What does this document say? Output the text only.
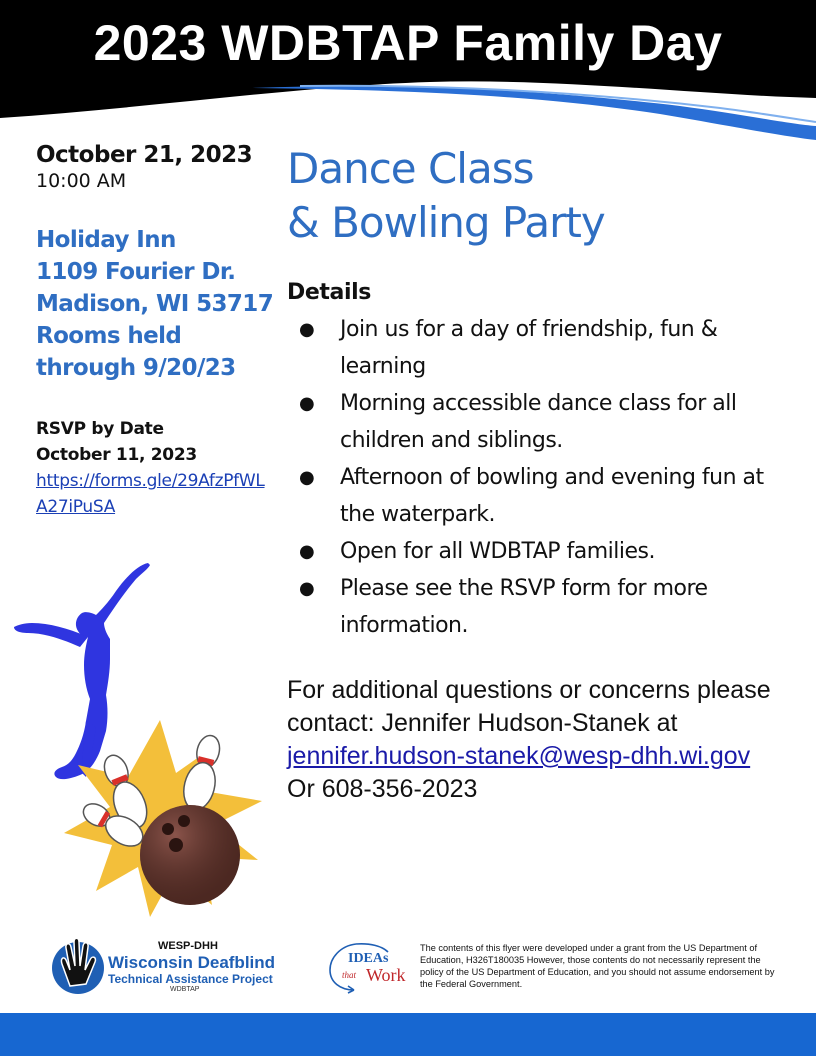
2023 WDBTAP Family Day
October 21, 2023
10:00 AM
Holiday Inn
1109 Fourier Dr.
Madison, WI 53717
Rooms held
through 9/20/23
RSVP by Date
October 11, 2023
https://forms.gle/29AfzPfWLA27iPuSA
Dance Class
& Bowling Party
Details
● Join us for a day of friendship, fun & learning
● Morning accessible dance class for all children and siblings.
● Afternoon of bowling and evening fun at the waterpark.
● Open for all WDBTAP families.
● Please see the RSVP form for more information.
For additional questions or concerns please contact: Jennifer Hudson-Stanek at
jennifer.hudson-stanek@wesp-dhh.wi.gov
Or 608-356-2023
WESP-DHH
Wisconsin Deafblind
Technical Assistance Project
WDBTAP
IDEAs
that Work
The contents of this flyer were developed under a grant from the US Department of Education, H326T180035 However, those contents do not necessarily represent the policy of the US Department of Education, and you should not assume endorsement by the Federal Government.
